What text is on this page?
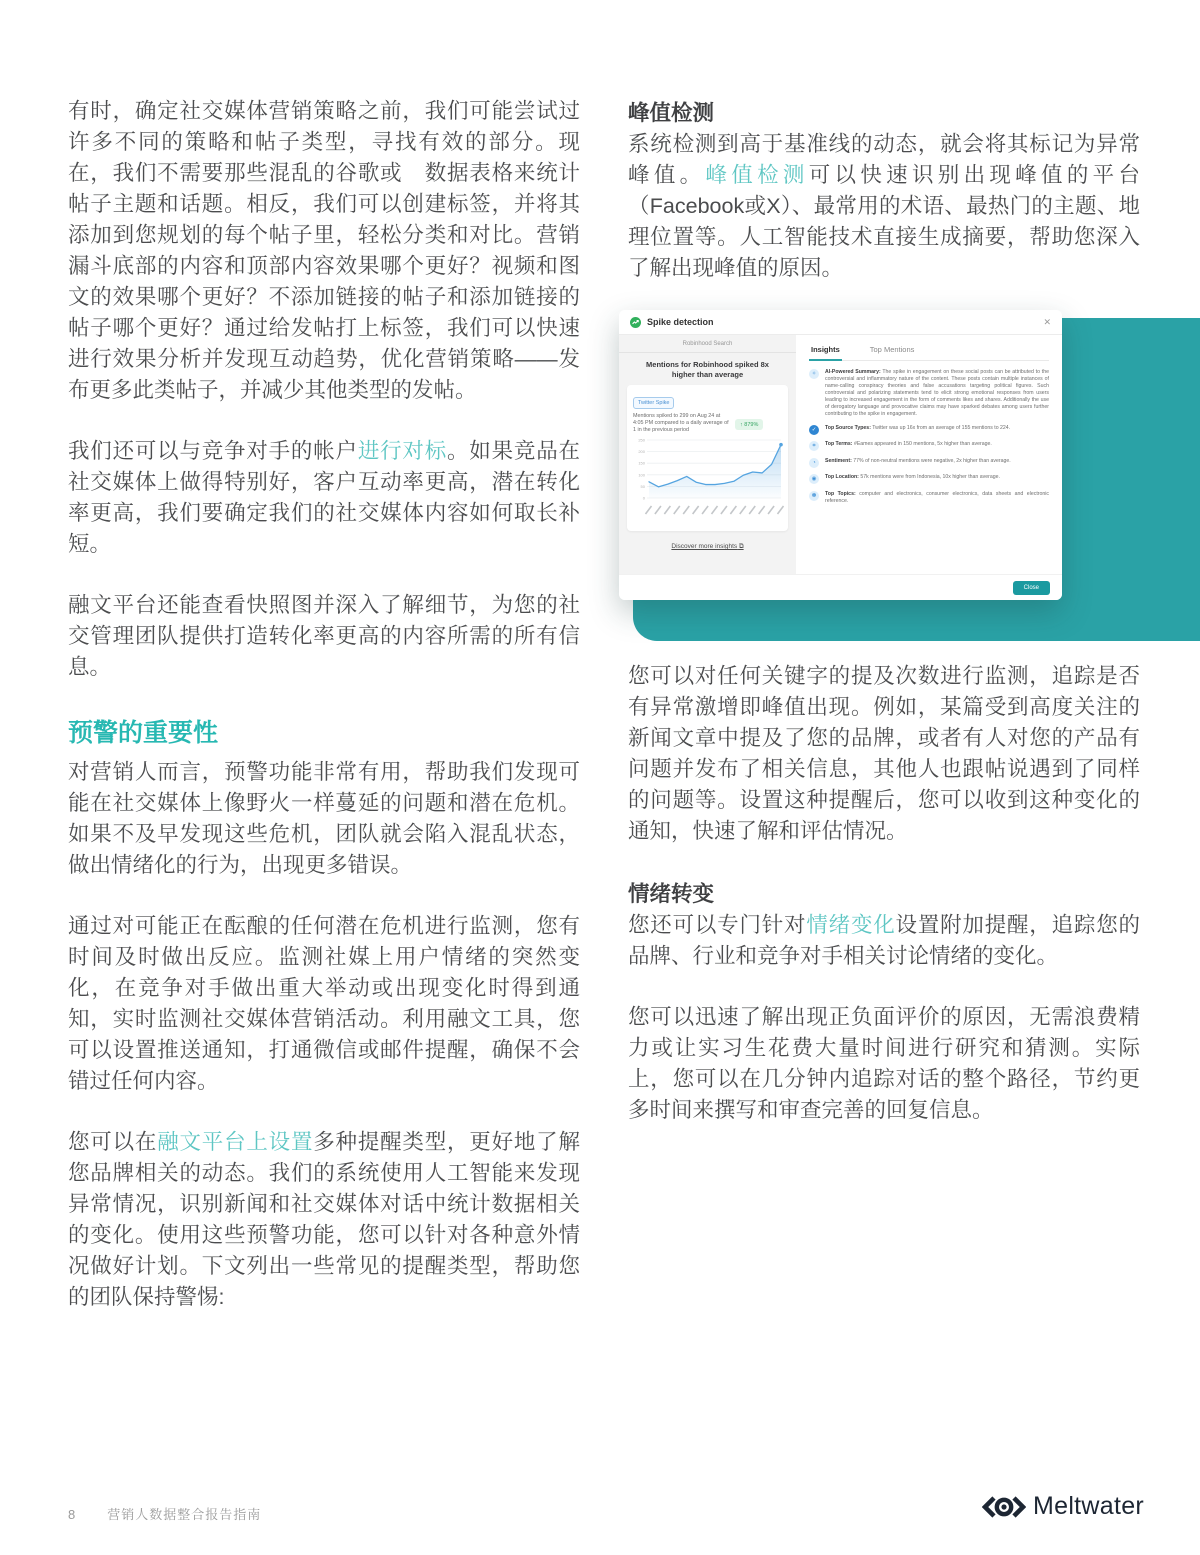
有时，确定社交媒体营销策略之前，我们可能尝试过许多不同的策略和帖子类型，寻找有效的部分。现在，我们不需要那些混乱的谷歌或　数据表格来统计帖子主题和话题。相反，我们可以创建标签，并将其添加到您规划的每个帖子里，轻松分类和对比。营销漏斗底部的内容和顶部内容效果哪个更好？视频和图文的效果哪个更好？不添加链接的帖子和添加链接的帖子哪个更好？通过给发帖打上标签，我们可以快速进行效果分析并发现互动趋势，优化营销策略——发布更多此类帖子，并减少其他类型的发帖。

我们还可以与竞争对手的帐户进行对标。如果竞品在社交媒体上做得特别好，客户互动率更高，潜在转化率更高，我们要确定我们的社交媒体内容如何取长补短。

融文平台还能查看快照图并深入了解细节，为您的社交管理团队提供打造转化率更高的内容所需的所有信息。

预警的重要性

对营销人而言，预警功能非常有用，帮助我们发现可能在社交媒体上像野火一样蔓延的问题和潜在危机。如果不及早发现这些危机，团队就会陷入混乱状态，做出情绪化的行为，出现更多错误。

通过对可能正在酝酿的任何潜在危机进行监测，您有时间及时做出反应。监测社媒上用户情绪的突然变化，在竞争对手做出重大举动或出现变化时得到通知，实时监测社交媒体营销活动。利用融文工具，您可以设置推送通知，打通微信或邮件提醒，确保不会错过任何内容。

您可以在融文平台上设置多种提醒类型，更好地了解您品牌相关的动态。我们的系统使用人工智能来发现异常情况，识别新闻和社交媒体对话中统计数据相关的变化。使用这些预警功能，您可以针对各种意外情况做好计划。下文列出一些常见的提醒类型，帮助您的团队保持警惕:

峰值检测

系统检测到高于基准线的动态，就会将其标记为异常峰值。峰值检测可以快速识别出现峰值的平台（Facebook或X）、最常用的术语、最热门的主题、地理位置等。人工智能技术直接生成摘要，帮助您深入了解出现峰值的原因。

Spike detection	✕
Robinhood Search
Mentions for Robinhood spiked 8x higher than average
Twitter Spike
Mentions spiked to 299 on Aug 24 at 4:05 PM compared to a daily average of 1 in the previous period
↑ 879%
0
50
100
150
200
250
Discover more insights ⧉
Insights	Top Mentions
✧	AI-Powered Summary: The spike in engagement on these social posts can be attributed to the controversial and inflammatory nature of the content. These posts contain multiple instances of name-calling conspiracy theories and false accusations targeting political figures. Such controversial and polarizing statements tend to elicit strong emotional responses from users leading to increased engagement in the form of comments likes and shares. Additionally the use of derogatory language and provocative claims may have sparked debates among users further contributing to the spike in engagement.
✓	Top Source Types: Twitter was up 16x from an average of 155 mentions to 224.
⌗	Top Terms: #Eames appeared in 150 mentions, 5x higher than average.
◔	Sentiment: 77% of non-neutral mentions were negative, 2x higher than average.
◉	Top Location: 57k mentions were from Indonesia, 10x higher than average.
✽	Top Topics: computer and electronics, consumer electronics, data sheets and electronic reference.
Close

您可以对任何关键字的提及次数进行监测，追踪是否有异常激增即峰值出现。例如，某篇受到高度关注的新闻文章中提及了您的品牌，或者有人对您的产品有问题并发布了相关信息，其他人也跟帖说遇到了同样的问题等。设置这种提醒后，您可以收到这种变化的通知，快速了解和评估情况。

情绪转变

您还可以专门针对情绪变化设置附加提醒，追踪您的品牌、行业和竞争对手相关讨论情绪的变化。

您可以迅速了解出现正负面评价的原因，无需浪费精力或让实习生花费大量时间进行研究和猜测。实际上，您可以在几分钟内追踪对话的整个路径，节约更多时间来撰写和审查完善的回复信息。

8 营销人数据整合报告指南	Meltwater
